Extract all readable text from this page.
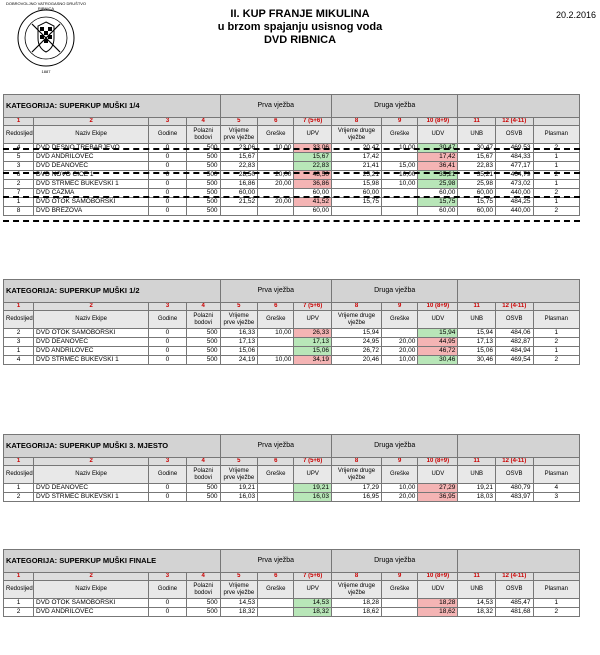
DOBROVOLJNO VATROGASNO DRUŠTVO
RIBNICA
1887
II. KUP FRANJE MIKULINA
u brzom spajanju usisnog voda
DVD RIBNICA
20.2.2016
KATEGORIJA: SUPERKUP MUŠKI 1/4				Prva vježba			Druga vježba					
1	2	3	4	5	6	7 (5+6)	8	9	10 (8+9)	11	12 (4-11)	
Redosljed	Naziv Ekipe	Godine	Polazni bodovi	Vrijeme prve vježbe	Greške	UPV	Vrijeme druge vježbe	Greške	UDV	UNB	OSVB	Plasman
4	DVD DESNO TREBARJEVO	0	500	23,06	10,00	33,06	20,47	10,00	30,47	30,47	469,53	2
5	DVD ANDRILOVEC	0	500	15,67		15,67	17,42		17,42	15,67	484,33	1
3	DVD DEANOVEC	0	500	22,83		22,83	21,41	15,00	36,41	22,83	477,17	1
6	DVD NOVO ČIČE 1	0	500	28,50	20,00	48,50	25,21	10,00	35,21	35,21	464,79	2
2	DVD STRMEC BUKEVSKI 1	0	500	16,86	20,00	36,86	15,98	10,00	25,98	25,98	473,02	1
7	DVD ČAZMA	0	500	60,00		60,00	60,00		60,00	60,00	440,00	2
1	DVD OTOK SAMOBORSKI	0	500	21,52	20,00	41,52	15,75		15,75	15,75	484,25	1
8	DVD BREZOVA	0	500			60,00			60,00	60,00	440,00	2
KATEGORIJA: SUPERKUP MUŠKI 1/2				Prva vježba			Druga vježba					
1	2	3	4	5	6	7 (5+6)	8	9	10 (8+9)	11	12 (4-11)	
Redosljed	Naziv Ekipe	Godine	Polazni bodovi	Vrijeme prve vježbe	Greške	UPV	Vrijeme druge vježbe	Greške	UDV	UNB	OSVB	Plasman
2	DVD OTOK SAMOBORSKI	0	500	16,33	10,00	26,33	15,94		15,94	15,94	484,06	1
3	DVD DEANOVEC	0	500	17,13		17,13	24,95	20,00	44,95	17,13	482,87	2
1	DVD ANDRILOVEC	0	500	15,06		15,06	26,72	20,00	46,72	15,06	484,94	1
4	DVD STRMEC BUKEVSKI 1	0	500	24,19	10,00	34,19	20,46	10,00	30,46	30,46	469,54	2
KATEGORIJA: SUPERKUP MUŠKI 3. MJESTO				Prva vježba			Druga vježba					
1	2	3	4	5	6	7 (5+6)	8	9	10 (8+9)	11	12 (4-11)	
Redosljed	Naziv Ekipe	Godine	Polazni bodovi	Vrijeme prve vježbe	Greške	UPV	Vrijeme druge vježbe	Greške	UDV	UNB	OSVB	Plasman
1	DVD DEANOVEC	0	500	19,21		19,21	17,29	10,00	27,29	19,21	480,79	4
2	DVD STRMEC BUKEVSKI 1	0	500	16,03		16,03	16,95	20,00	36,95	18,03	483,97	3
KATEGORIJA: SUPERKUP MUŠKI FINALE				Prva vježba			Druga vježba					
1	2	3	4	5	6	7 (5+6)	8	9	10 (8+9)	11	12 (4-11)	
Redosljed	Naziv Ekipe	Godine	Polazni bodovi	Vrijeme prve vježbe	Greške	UPV	Vrijeme druge vježbe	Greške	UDV	UNB	OSVB	Plasman
1	DVD OTOK SAMOBORSKI	0	500	14,53		14,53	18,28		18,28	14,53	485,47	1
2	DVD ANDRILOVEC	0	500	18,32		18,32	18,62		18,62	18,32	481,68	2
